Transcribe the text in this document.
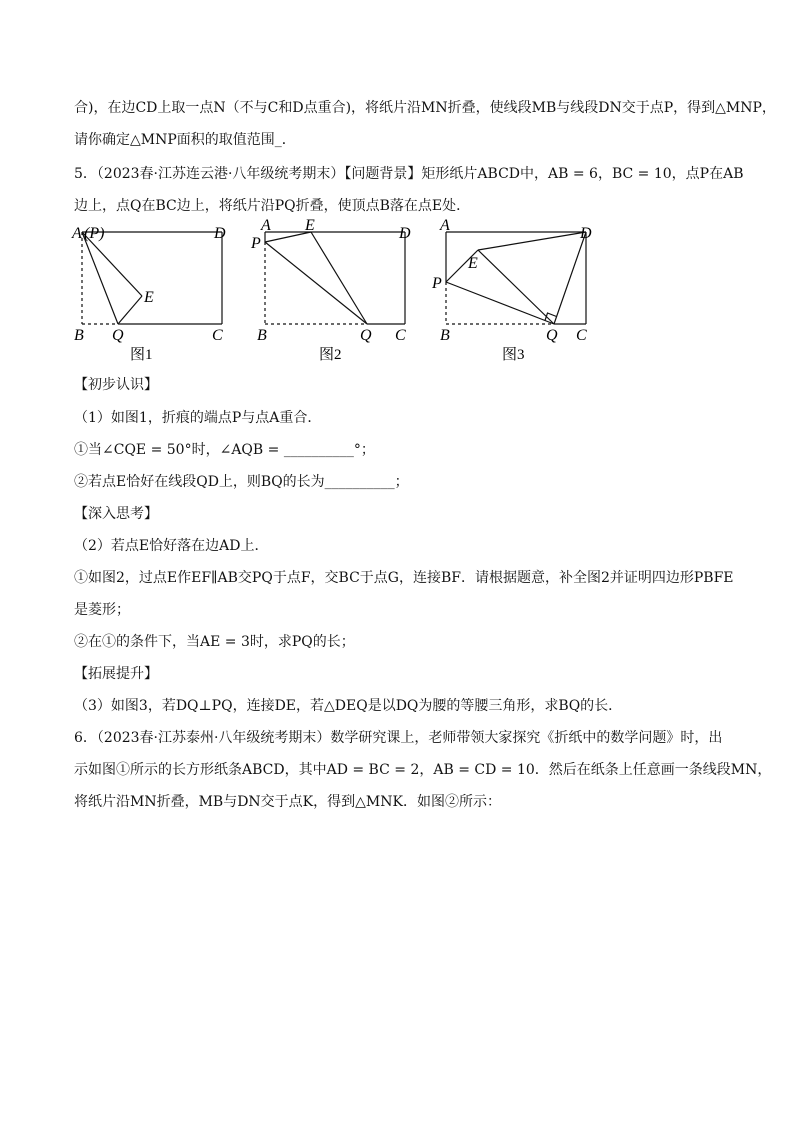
合)，在边CD上取一点N（不与C和D点重合)，将纸片沿MN折叠，使线段MB与线段DN交于点P，得到△MNP，
请你确定△MNP面积的取值范围_．
5．（2023春·江苏连云港·八年级统考期末）【问题背景】矩形纸片ABCD中，AB = 6，BC = 10，点P在AB
边上，点Q在BC边上，将纸片沿PQ折叠，使顶点B落在点E处．
A (P)	D
E
B Q	C
图1
A E	D
P
B	Q C
图2
A	D
E
P
B	Q C
图3
【初步认识】
（1）如图1，折痕的端点P与点A重合．
①当∠CQE = 50°时，∠AQB = __________°；
②若点E恰好在线段QD上，则BQ的长为__________；
【深入思考】
（2）若点E恰好落在边AD上．
①如图2，过点E作EF∥AB交PQ于点F，交BC于点G，连接BF．请根据题意，补全图2并证明四边形PBFE
是菱形；
②在①的条件下，当AE = 3时，求PQ的长；
【拓展提升】
（3）如图3，若DQ⊥PQ，连接DE，若△DEQ是以DQ为腰的等腰三角形，求BQ的长．
6．（2023春·江苏泰州·八年级统考期末）数学研究课上，老师带领大家探究《折纸中的数学问题》时，出
示如图①所示的长方形纸条ABCD，其中AD = BC = 2，AB = CD = 10．然后在纸条上任意画一条线段MN，
将纸片沿MN折叠，MB与DN交于点K，得到△MNK．如图②所示：
